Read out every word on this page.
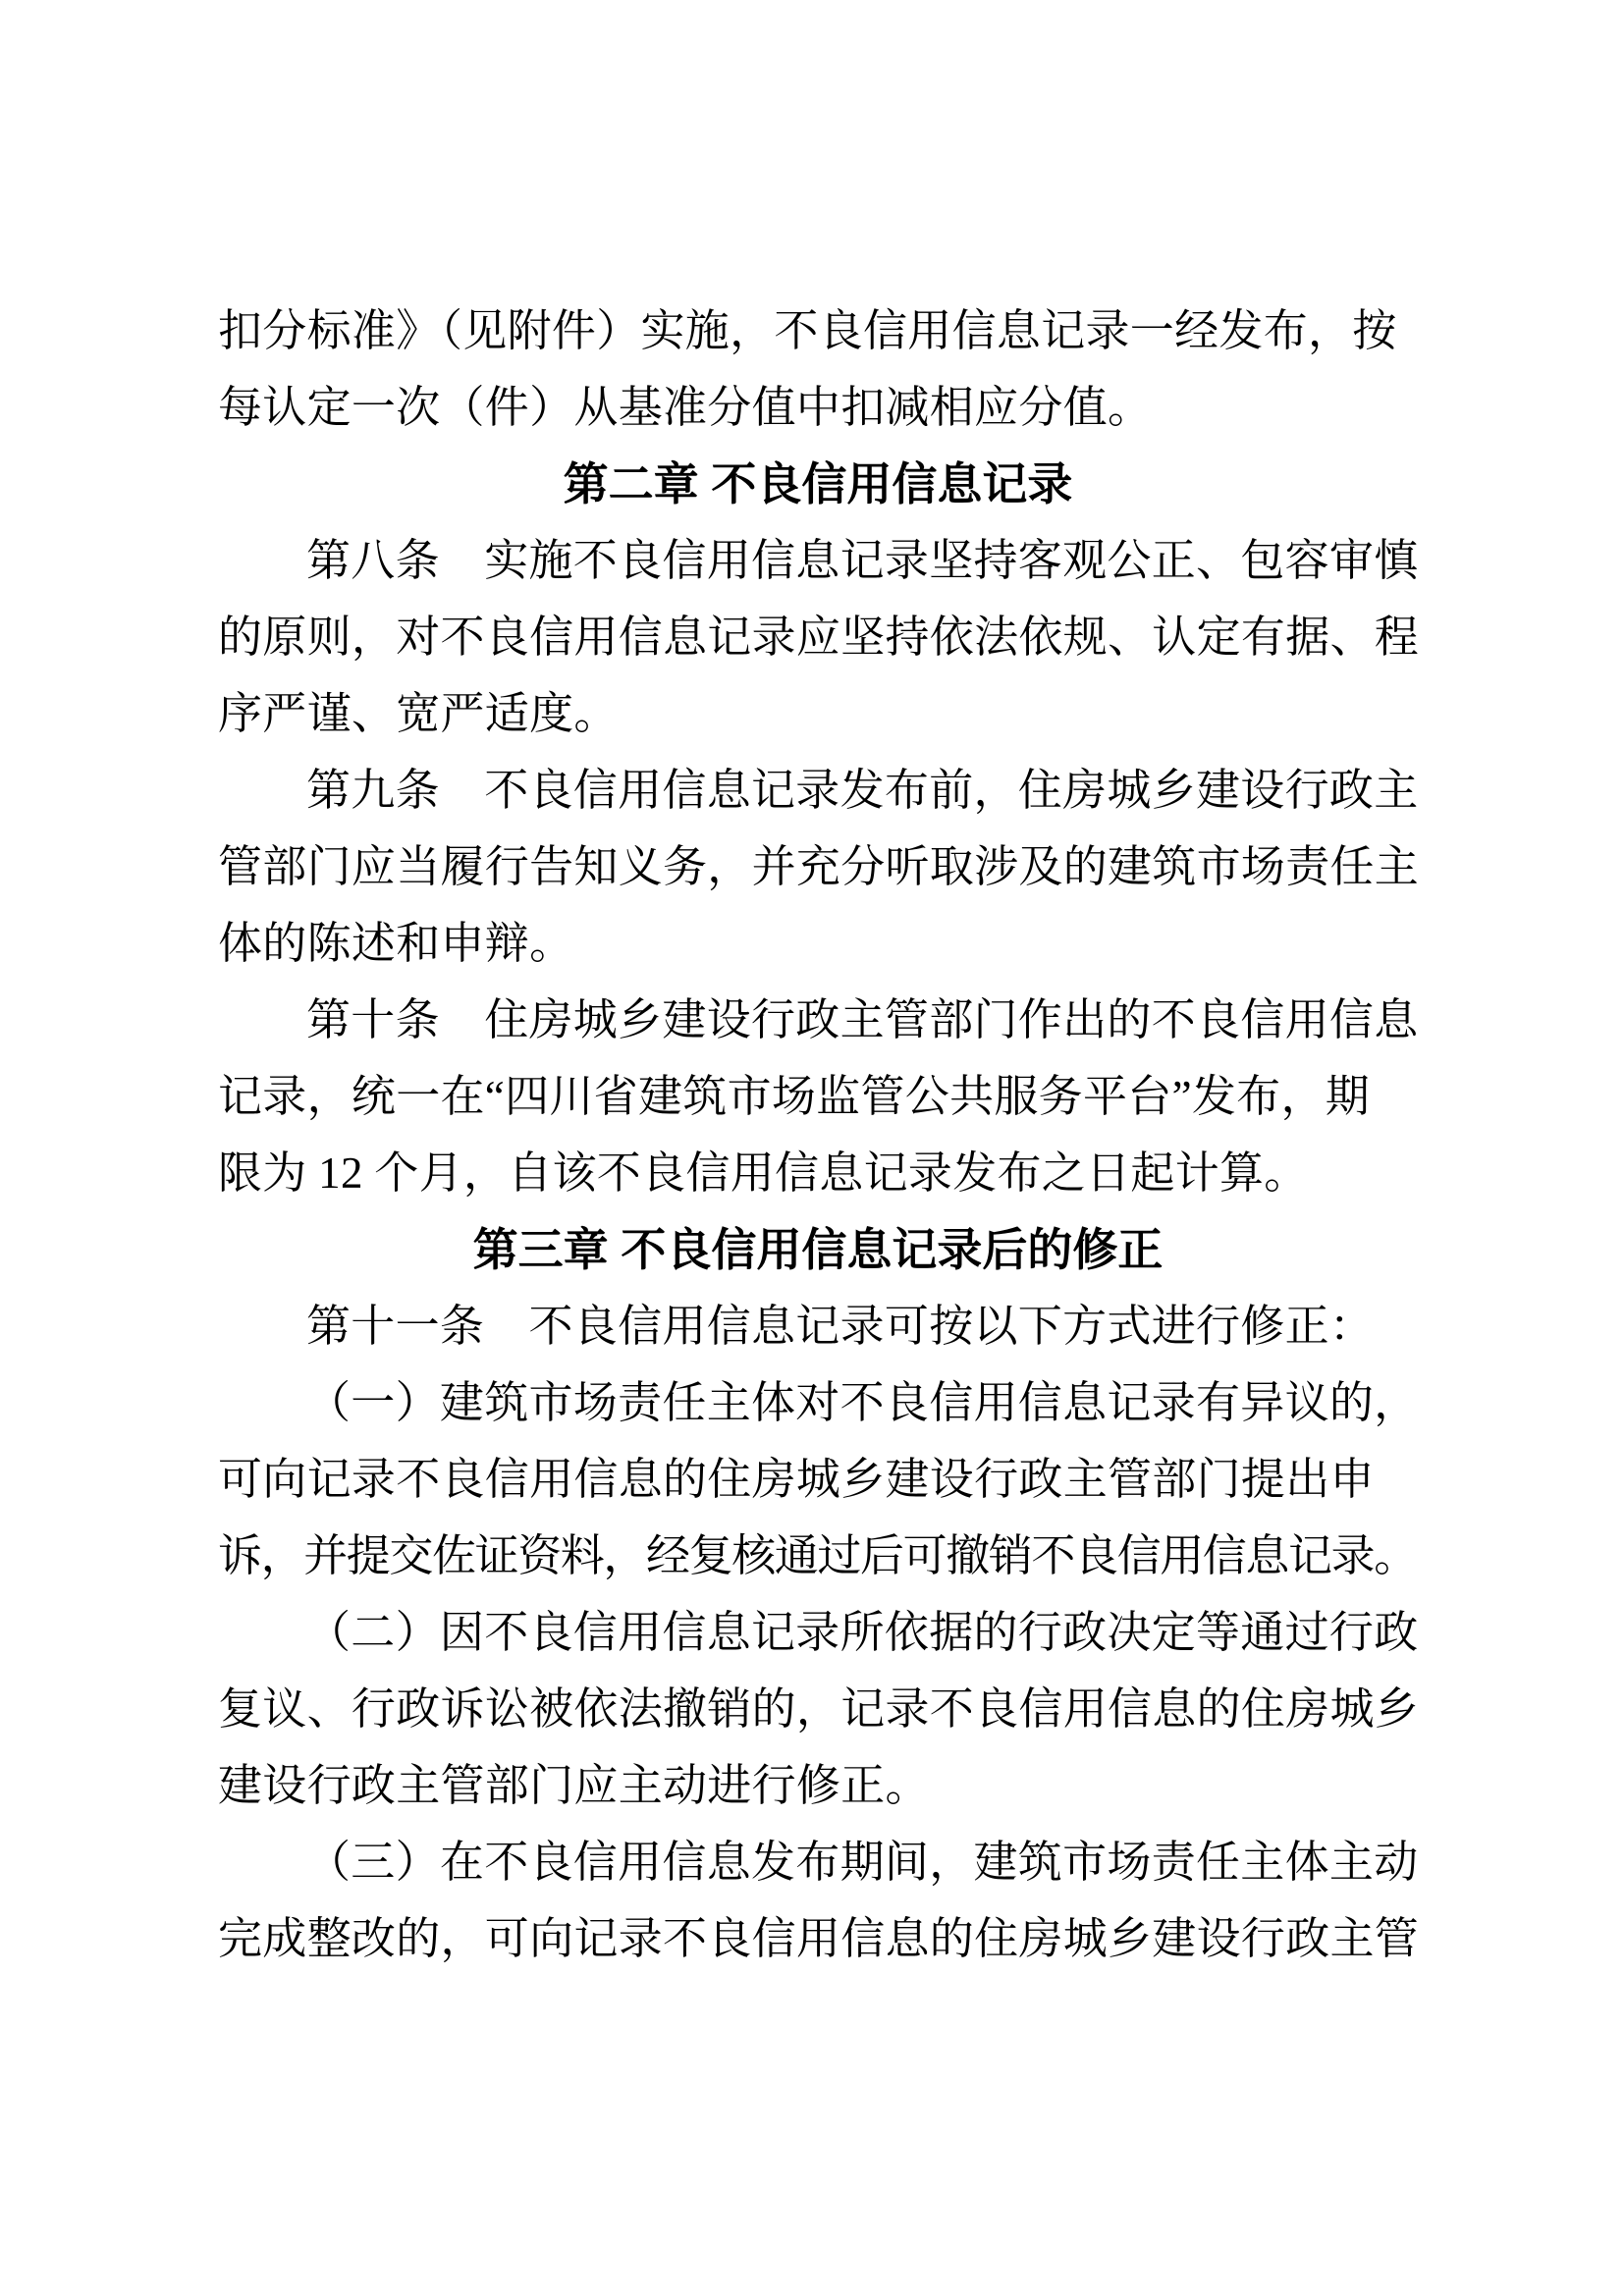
扣分标准》（见附件）实施，不良信用信息记录一经发布，按
每认定一次（件）从基准分值中扣减相应分值。
第二章 不良信用信息记录
第八条　实施不良信用信息记录坚持客观公正、包容审慎
的原则，对不良信用信息记录应坚持依法依规、认定有据、程
序严谨、宽严适度。
第九条　不良信用信息记录发布前，住房城乡建设行政主
管部门应当履行告知义务，并充分听取涉及的建筑市场责任主
体的陈述和申辩。
第十条　住房城乡建设行政主管部门作出的不良信用信息
记录，统一在“四川省建筑市场监管公共服务平台”发布，期
限为 12 个月，自该不良信用信息记录发布之日起计算。
第三章 不良信用信息记录后的修正
第十一条　不良信用信息记录可按以下方式进行修正：
（一）建筑市场责任主体对不良信用信息记录有异议的，
可向记录不良信用信息的住房城乡建设行政主管部门提出申
诉，并提交佐证资料，经复核通过后可撤销不良信用信息记录。
（二）因不良信用信息记录所依据的行政决定等通过行政
复议、行政诉讼被依法撤销的，记录不良信用信息的住房城乡
建设行政主管部门应主动进行修正。
（三）在不良信用信息发布期间，建筑市场责任主体主动
完成整改的，可向记录不良信用信息的住房城乡建设行政主管
